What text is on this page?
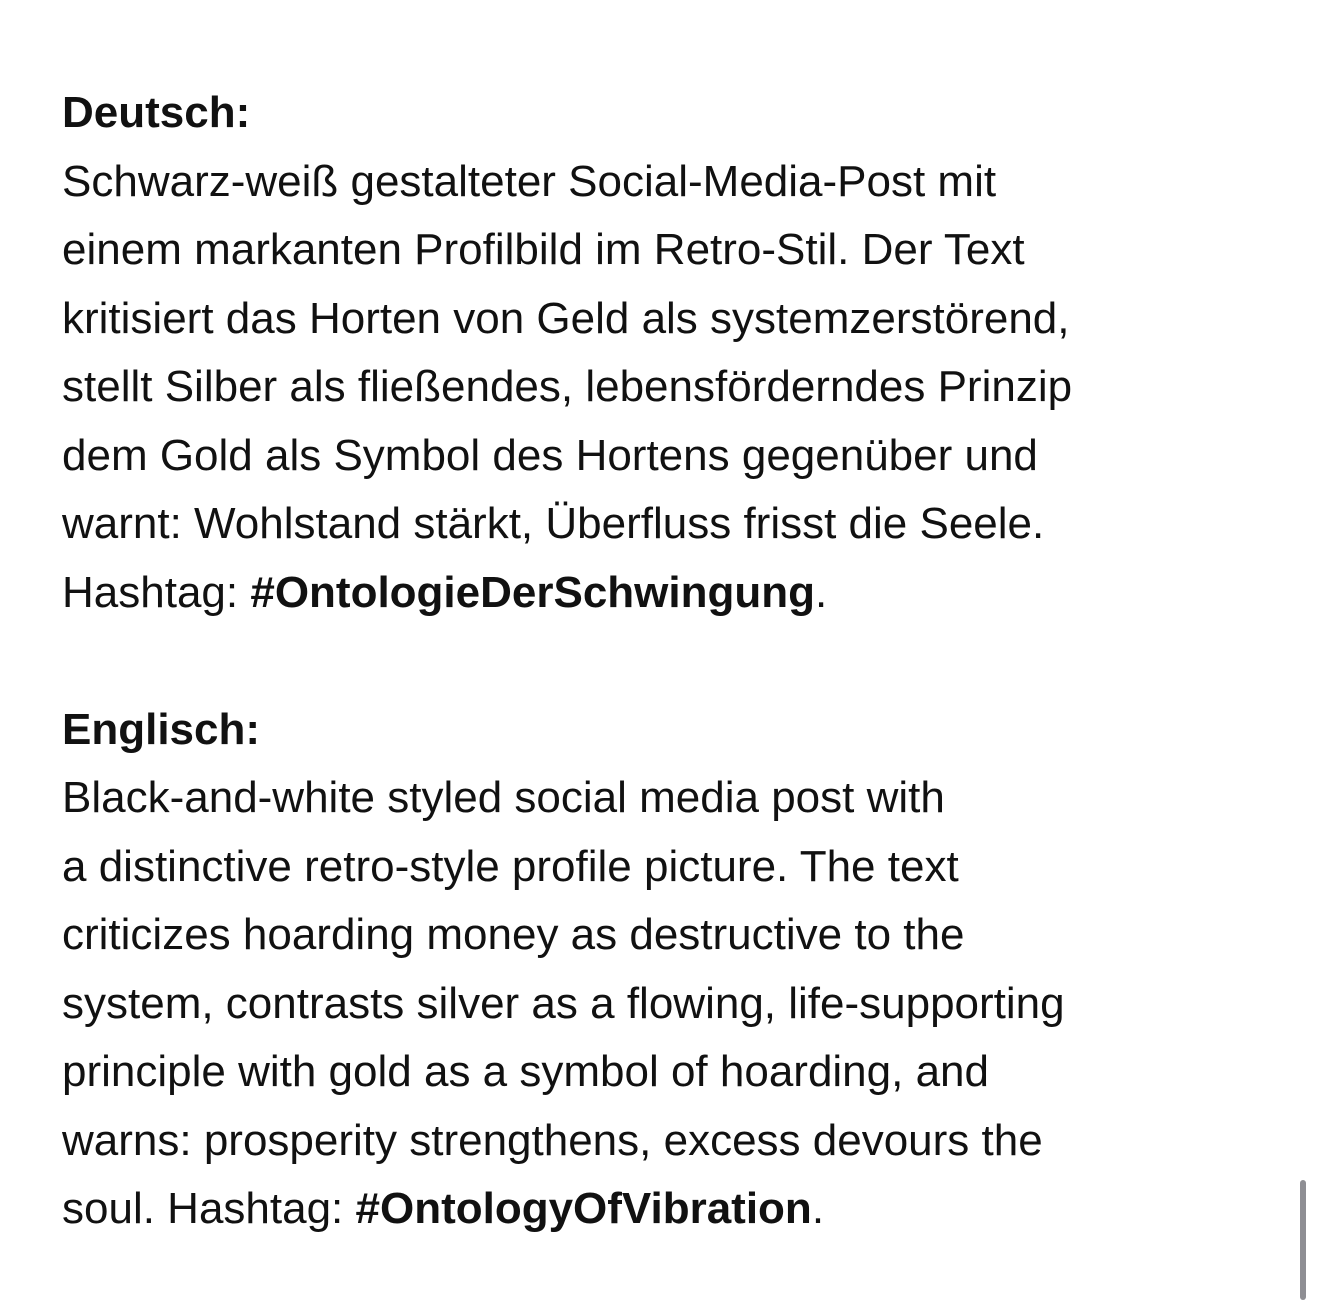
Deutsch:

Schwarz-weiß gestalteter Social-Media-Post mit

einem markanten Profilbild im Retro-Stil. Der Text

kritisiert das Horten von Geld als systemzerstörend,

stellt Silber als fließendes, lebensförderndes Prinzip

dem Gold als Symbol des Hortens gegenüber und

warnt: Wohlstand stärkt, Überfluss frisst die Seele.

Hashtag: #OntologieDerSchwingung.

Englisch:

Black-and-white styled social media post with

a distinctive retro-style profile picture. The text

criticizes hoarding money as destructive to the

system, contrasts silver as a flowing, life-supporting

principle with gold as a symbol of hoarding, and

warns: prosperity strengthens, excess devours the

soul. Hashtag: #OntologyOfVibration.
